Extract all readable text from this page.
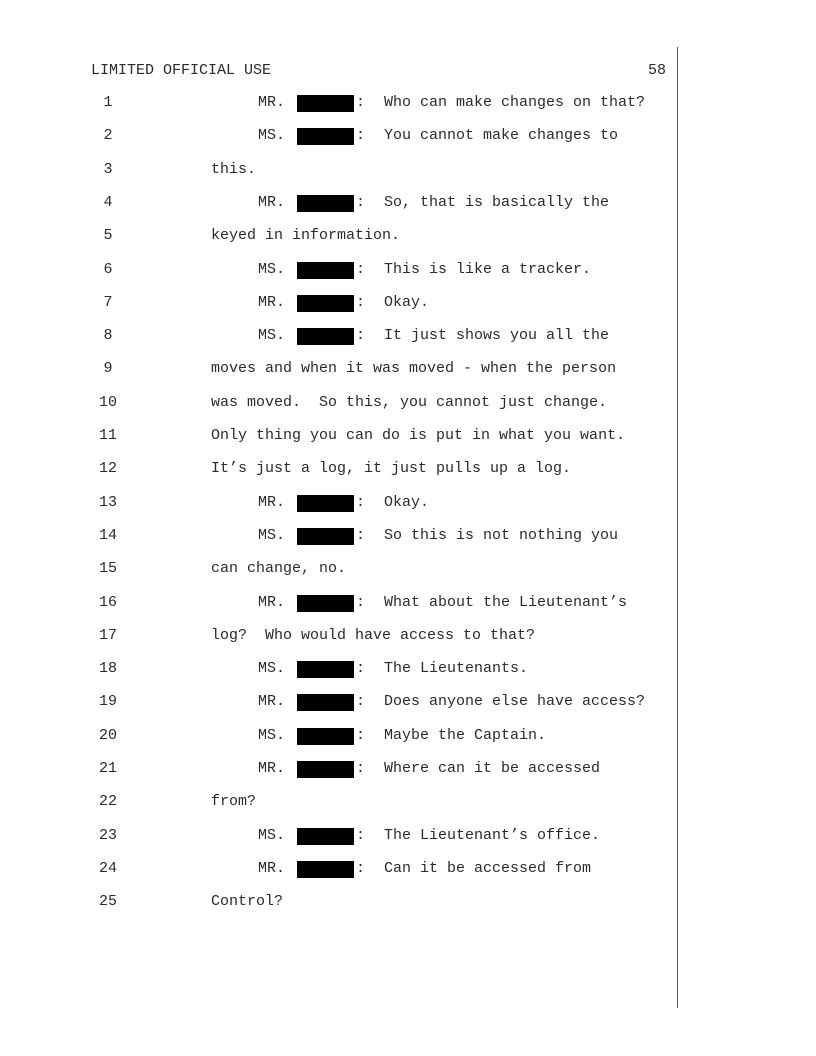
LIMITED OFFICIAL USE	58
1	MR.	: Who can make changes on that?
2	MS.	: You cannot make changes to
3	this.
4	MR.	: So, that is basically the
5	keyed in information.
6	MS.	: This is like a tracker.
7	MR.	: Okay.
8	MS.	: It just shows you all the
9	moves and when it was moved - when the person
10	was moved.  So this, you cannot just change.
11	Only thing you can do is put in what you want.
12	It’s just a log, it just pulls up a log.
13	MR.	: Okay.
14	MS.	: So this is not nothing you
15	can change, no.
16	MR.	: What about the Lieutenant’s
17	log?  Who would have access to that?
18	MS.	: The Lieutenants.
19	MR.	: Does anyone else have access?
20	MS.	: Maybe the Captain.
21	MR.	: Where can it be accessed
22	from?
23	MS.	: The Lieutenant’s office.
24	MR.	: Can it be accessed from
25	Control?
